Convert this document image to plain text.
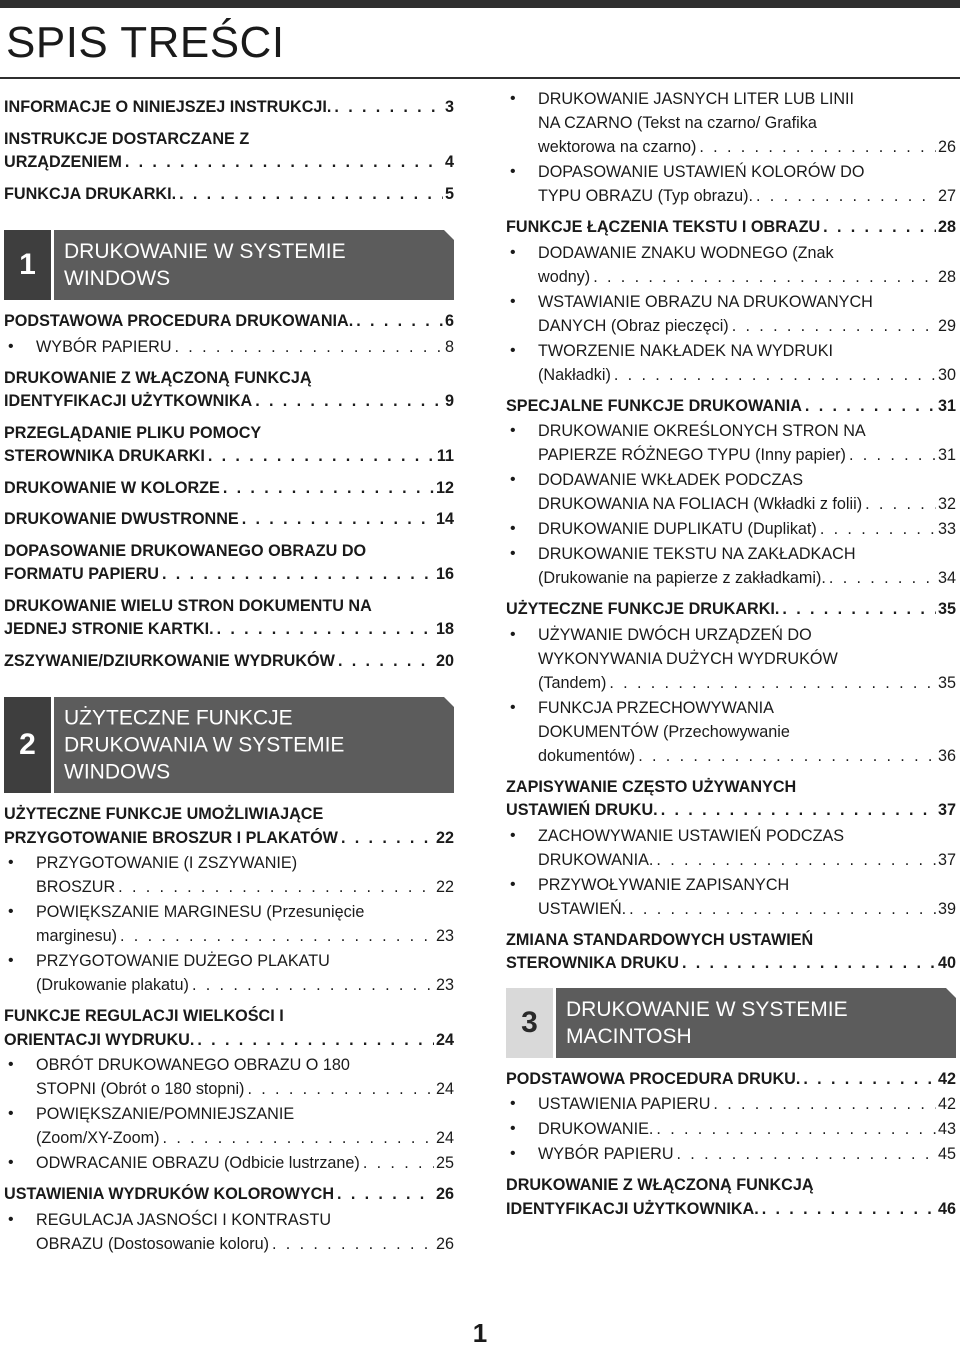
SPIS TREŚCI
INFORMACJE O NINIEJSZEJ INSTRUKCJI. . . .	3
INSTRUKCJE DOSTARCZANE Z
URZĄDZENIEM . . .	4
FUNKCJA DRUKARKI. . . .	5
1	DRUKOWANIE W SYSTEMIE
WINDOWS
PODSTAWOWA PROCEDURA DRUKOWANIA. . . .	6
• WYBÓR PAPIERU . . .	8
DRUKOWANIE Z WŁĄCZONĄ FUNKCJĄ
IDENTYFIKACJI UŻYTKOWNIKA . . .	9
PRZEGLĄDANIE PLIKU POMOCY
STEROWNIKA DRUKARKI . . .	11
DRUKOWANIE W KOLORZE . . .	12
DRUKOWANIE DWUSTRONNE . . .	14
DOPASOWANIE DRUKOWANEGO OBRAZU DO
FORMATU PAPIERU . . .	16
DRUKOWANIE WIELU STRON DOKUMENTU NA
JEDNEJ STRONIE KARTKI. . . .	18
ZSZYWANIE/DZIURKOWANIE WYDRUKÓW . . .	20
2
UŻYTECZNE FUNKCJE
DRUKOWANIA W SYSTEMIE
WINDOWS
UŻYTECZNE FUNKCJE UMOŻLIWIAJĄCE
PRZYGOTOWANIE BROSZUR I PLAKATÓW . . .	22
• PRZYGOTOWANIE (I ZSZYWANIE)
BROSZUR . . .	22
• POWIĘKSZANIE MARGINESU (Przesunięcie
marginesu) . . .	23
• PRZYGOTOWANIE DUŻEGO PLAKATU
(Drukowanie plakatu) . . .	23
FUNKCJE REGULACJI WIELKOŚCI I
ORIENTACJI WYDRUKU. . . .	24
• OBRÓT DRUKOWANEGO OBRAZU O 180
STOPNI (Obrót o 180 stopni) . . .	24
• POWIĘKSZANIE/POMNIEJSZANIE
(Zoom/XY-Zoom) . . .	24
• ODWRACANIE OBRAZU (Odbicie lustrzane) . . .	25
USTAWIENIA WYDRUKÓW KOLOROWYCH . . .	26
• REGULACJA JASNOŚCI I KONTRASTU
OBRAZU (Dostosowanie koloru) . . .	26
• DRUKOWANIE JASNYCH LITER LUB LINII
NA CZARNO (Tekst na czarno/ Grafika
wektorowa na czarno) . . .	26
• DOPASOWANIE USTAWIEŃ KOLORÓW DO
TYPU OBRAZU (Typ obrazu). . . .	27
FUNKCJE ŁĄCZENIA TEKSTU I OBRAZU . . .	28
• DODAWANIE ZNAKU WODNEGO (Znak
wodny) . . .	28
• WSTAWIANIE OBRAZU NA DRUKOWANYCH
DANYCH (Obraz pieczęci) . . .	29
• TWORZENIE NAKŁADEK NA WYDRUKI
(Nakładki) . . .	30
SPECJALNE FUNKCJE DRUKOWANIA . . .	31
• DRUKOWANIE OKREŚLONYCH STRON NA
PAPIERZE RÓŻNEGO TYPU (Inny papier) . . .	31
• DODAWANIE WKŁADEK PODCZAS
DRUKOWANIA NA FOLIACH (Wkładki z folii) . . .	32
• DRUKOWANIE DUPLIKATU (Duplikat) . . .	33
• DRUKOWANIE TEKSTU NA ZAKŁADKACH
(Drukowanie na papierze z zakładkami). . . .	34
UŻYTECZNE FUNKCJE DRUKARKI. . . .	35
• UŻYWANIE DWÓCH URZĄDZEŃ DO
WYKONYWANIA DUŻYCH WYDRUKÓW
(Tandem) . . .	35
• FUNKCJA PRZECHOWYWANIA
DOKUMENTÓW (Przechowywanie
dokumentów) . . .	36
ZAPISYWANIE CZĘSTO UŻYWANYCH
USTAWIEŃ DRUKU. . . .	37
• ZACHOWYWANIE USTAWIEŃ PODCZAS
DRUKOWANIA. . . .	37
• PRZYWOŁYWANIE ZAPISANYCH
USTAWIEŃ. . . .	39
ZMIANA STANDARDOWYCH USTAWIEŃ
STEROWNIKA DRUKU . . .	40
3	DRUKOWANIE W SYSTEMIE
MACINTOSH
PODSTAWOWA PROCEDURA DRUKU. . . .	42
• USTAWIENIA PAPIERU . . .	42
• DRUKOWANIE. . . .	43
• WYBÓR PAPIERU . . .	45
DRUKOWANIE Z WŁĄCZONĄ FUNKCJĄ
IDENTYFIKACJI UŻYTKOWNIKA. . . .	46
1
